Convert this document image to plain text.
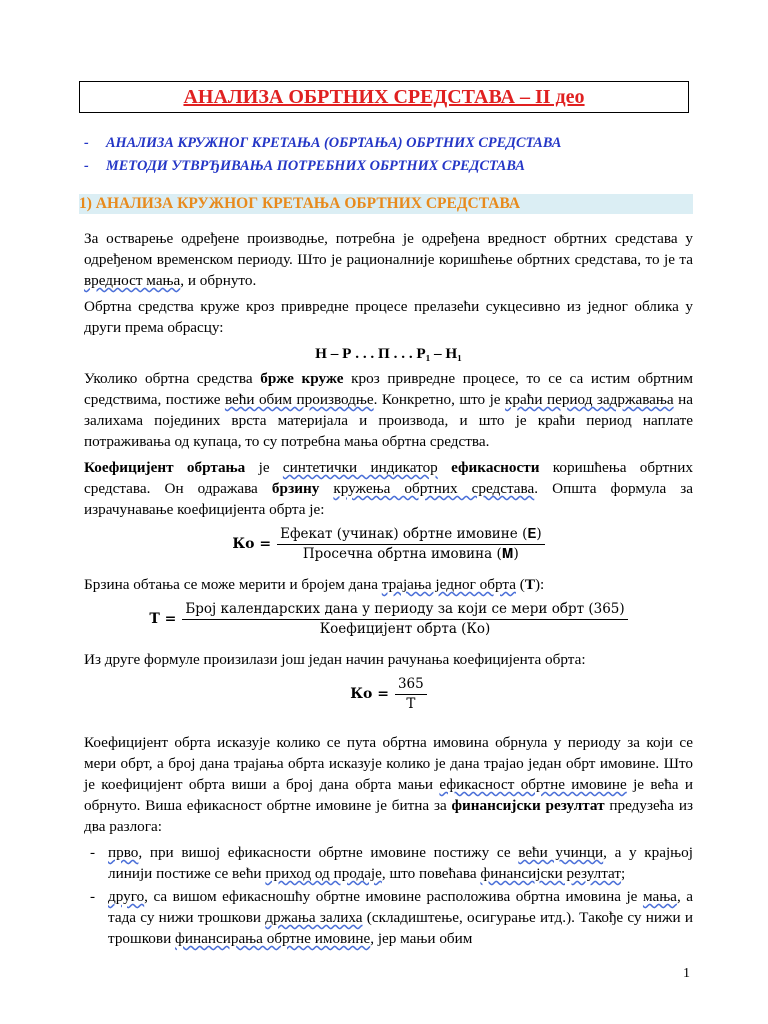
АНАЛИЗА ОБРТНИХ СРЕДСТАВА – II део
- АНАЛИЗА КРУЖНОГ КРЕТАЊА (ОБРТАЊА) ОБРТНИХ СРЕДСТАВА
- МЕТОДИ УТВРЂИВАЊА ПОТРЕБНИХ ОБРТНИХ СРЕДСТАВА
1) АНАЛИЗА КРУЖНОГ КРЕТАЊА ОБРТНИХ СРЕДСТАВА

За остварење одређене производње, потребна је одређена вредност обртних средстава у одређеном временском периоду. Што је рационалније коришћење обртних средстава, то је та вредност мања, и обрнуто.

Обртна средства круже кроз привредне процесе прелазећи сукцесивно из једног облика у други према обрасцу:

Н – Р . . . П . . . Р₁ – Н₁

Уколико обртна средства брже круже кроз привредне процесе, то се са истим обртним средствима, постиже већи обим производње. Конкретно, што је краћи период задржавања на залихама појединих врста материјала и производа, и што је краћи период наплате потраживања од купаца, то су потребна мања обртна средства.

Коефицијент обртања је синтетички индикатор ефикасности коришћења обртних средстава. Он одражава брзину кружења обртних средстава. Општа формула за израчунавање коефицијента обрта је:

Ко = $\frac{\text{Ефекат (учинак) обртне имовине (𝐄)}}{\text{Просечна обртна имовина (𝐌)}}$

Брзина обтања се може мерити и бројем дана трајања једног обрта (Т):

$Т = \frac{\text{Број календарских дана у периоду за који се мери обрт (365)}}{\text{Коефицијент обрта (Ко)}}$

Из друге формуле произилази још један начин рачунања коефицијента обрта:

Ко = $\frac{365}{Т}$

Коефицијент обрта исказује колико се пута обртна имовина обрнула у периоду за који се мери обрт, а број дана трајања обрта исказује колико је дана трајао један обрт имовине. Што је коефицијент обрта виши а број дана обрта мањи ефикасност обртне имовине је већа и обрнуто. Виша ефикасност обртне имовине је битна за финансијски резултат предузећа из два разлога:

- прво, при вишој ефикасности обртне имовине постижу се већи учинци, а у крајњој линији постиже се већи приход од продаје, што повећава финансијски резултат;
- друго, са вишом ефикасношћу обртне имовине расположива обртна имовина је мања, а тада су нижи трошкови држања залиха (складиштење, осигурање итд.). Такође су нижи и трошкови финансирања обртне имовине, јер мањи обим
1
